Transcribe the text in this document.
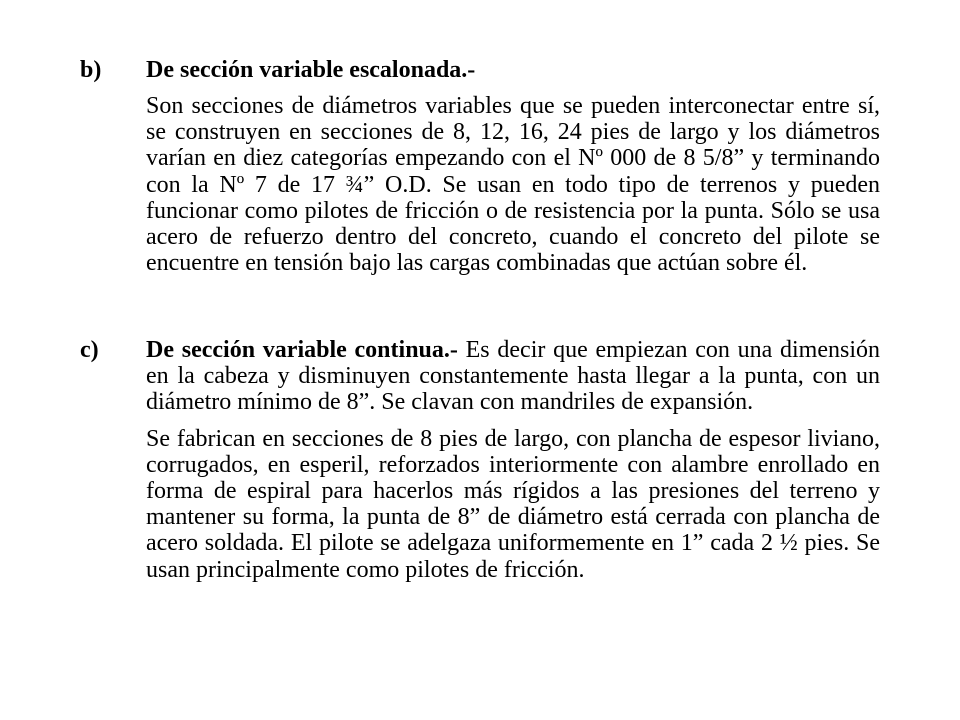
b) De sección variable escalonada.-

Son secciones de diámetros variables que se pueden interconectar entre sí, se construyen en secciones de 8, 12, 16, 24 pies de largo y los diámetros varían en diez categorías empezando con el Nº 000 de 8 5/8” y terminando con la Nº 7 de 17 ¾” O.D. Se usan en todo tipo de terrenos y pueden funcionar como pilotes de fricción o de resistencia por la punta. Sólo se usa acero de refuerzo dentro del concreto, cuando el concreto del pilote se encuentre en tensión bajo las cargas combinadas que actúan sobre él.

c) De sección variable continua.- Es decir que empiezan con una dimensión en la cabeza y disminuyen constantemente hasta llegar a la punta, con un diámetro mínimo de 8”. Se clavan con mandriles de expansión.

Se fabrican en secciones de 8 pies de largo, con plancha de espesor liviano, corrugados, en esperil, reforzados interiormente con alambre enrollado en forma de espiral para hacerlos más rígidos a las presiones del terreno y mantener su forma, la punta de 8” de diámetro está cerrada con plancha de acero soldada. El pilote se adelgaza uniformemente en 1” cada 2 ½ pies. Se usan principalmente como pilotes de fricción.
